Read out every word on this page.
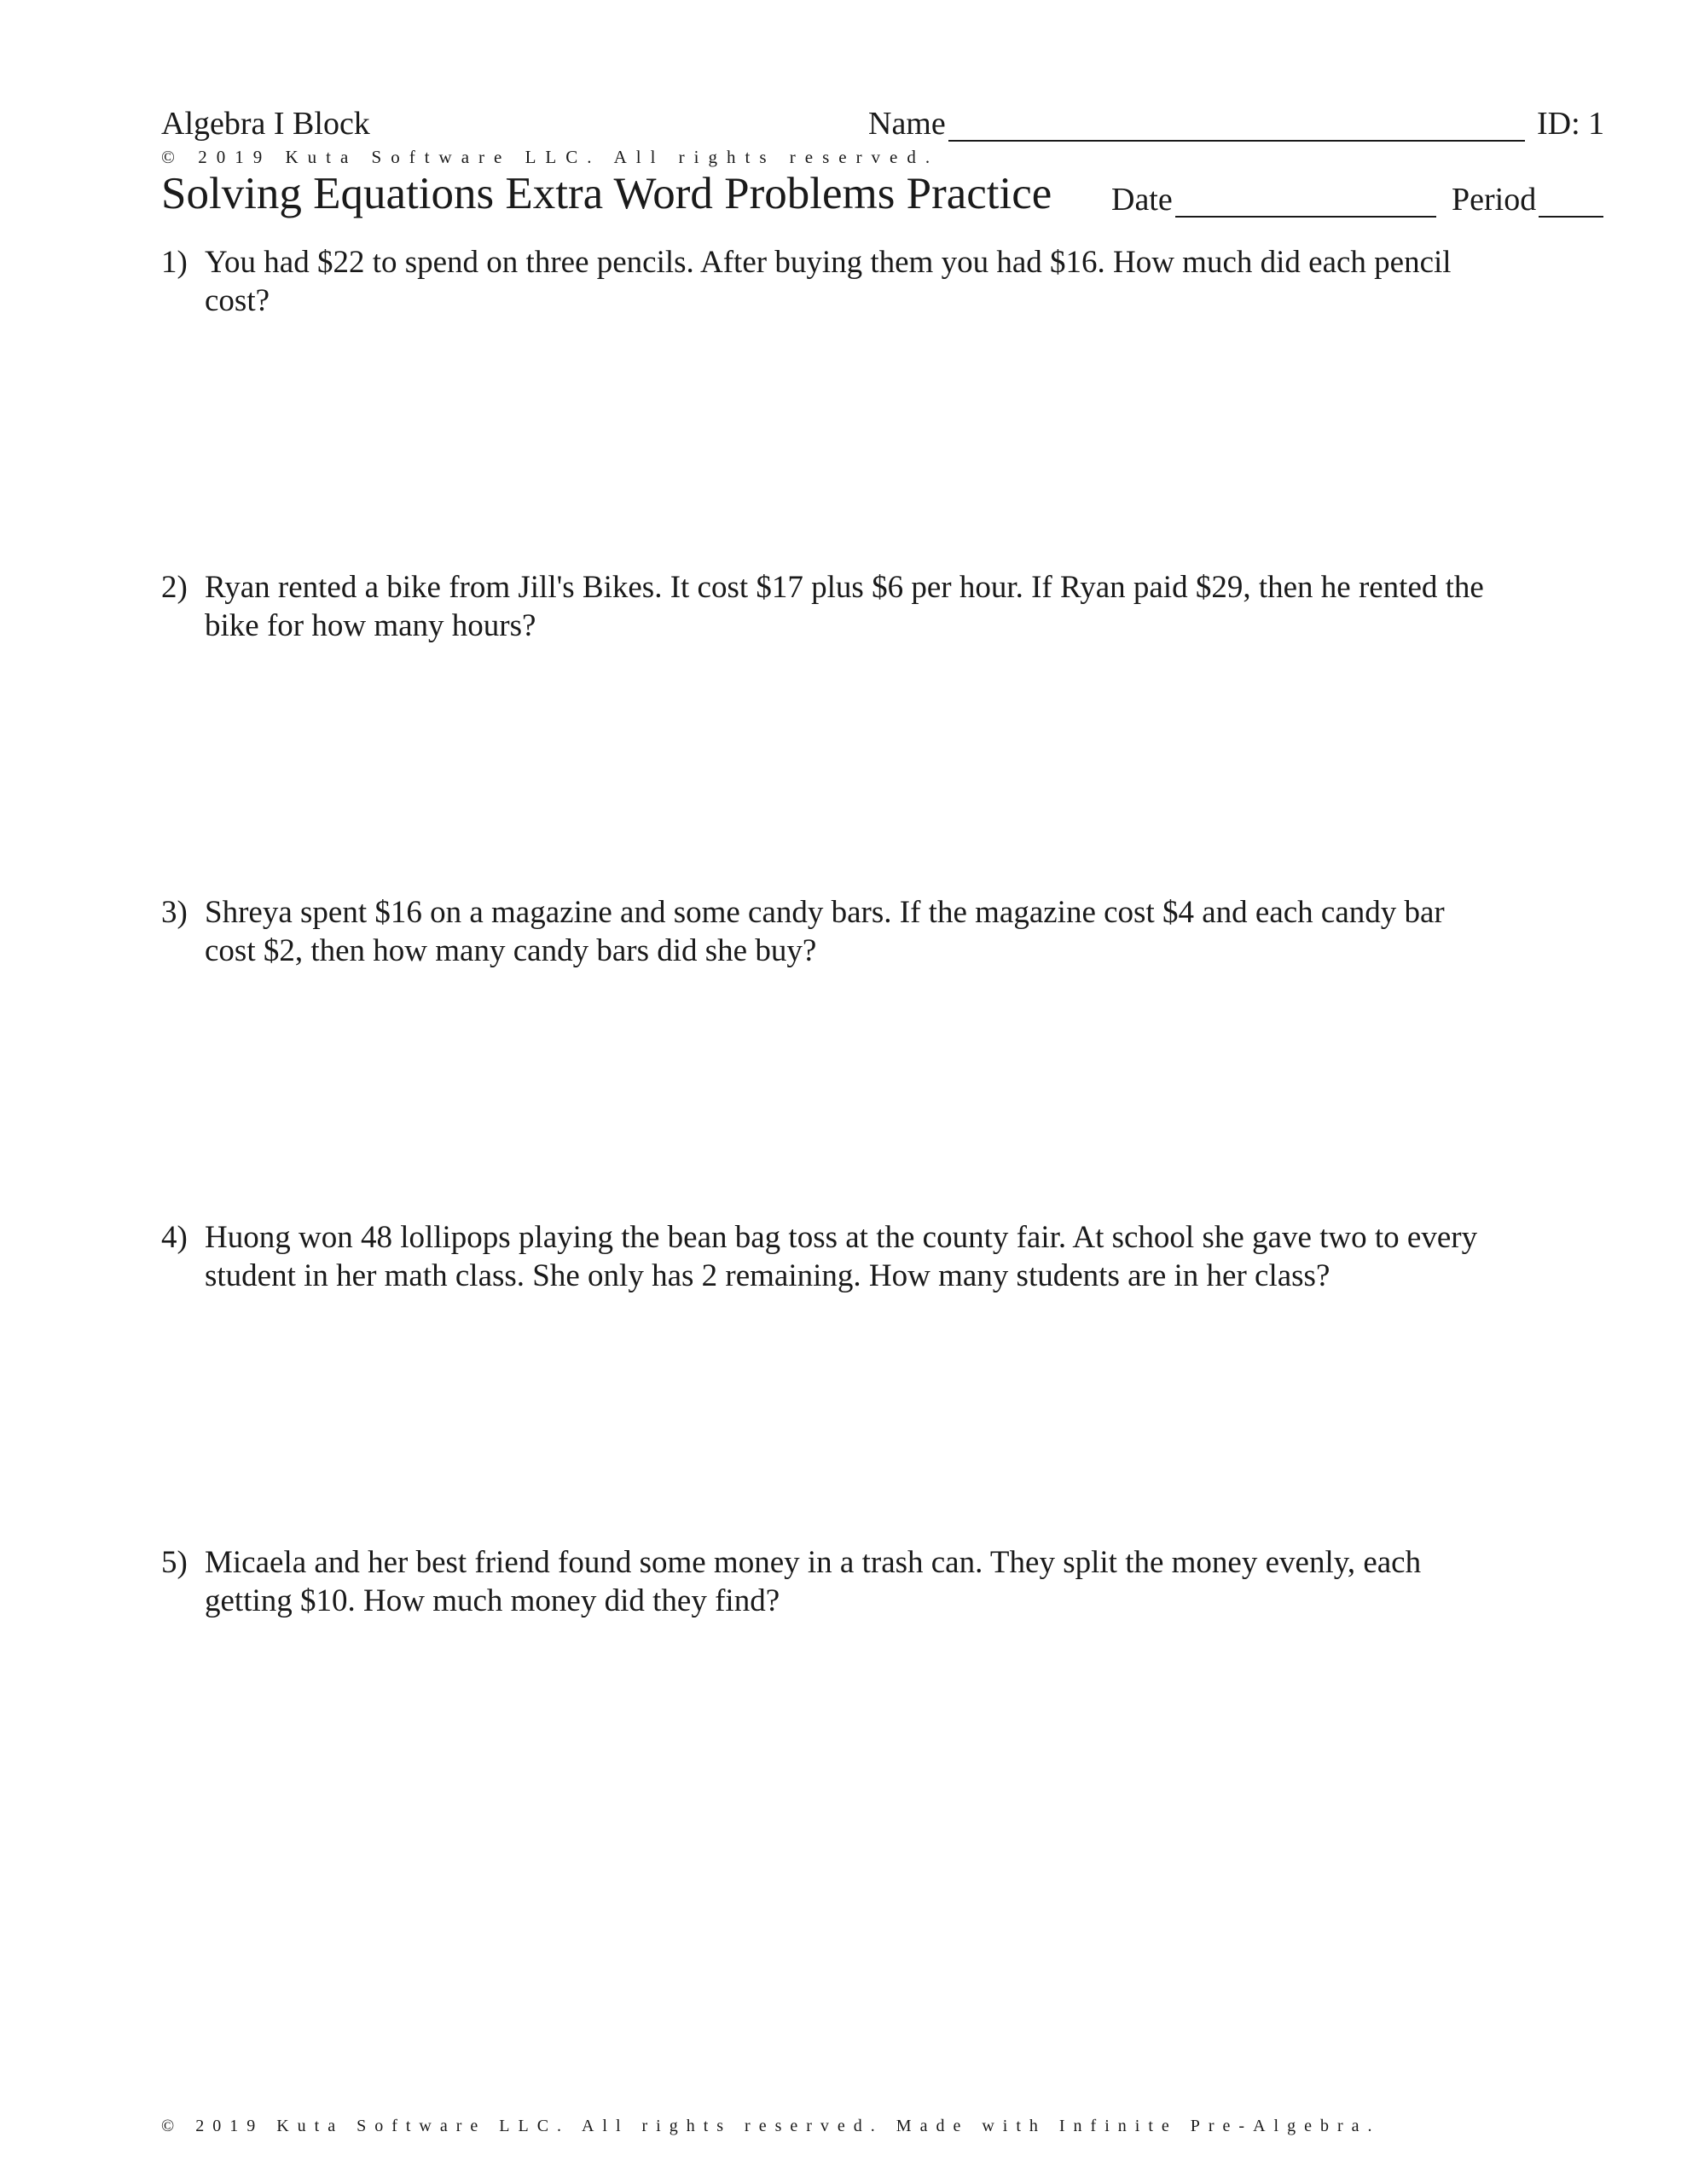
Algebra I Block	Name	ID: 1
© 2019 Kuta Software LLC. All rights reserved.
Solving Equations Extra Word Problems Practice Date	Period
1) You had $22 to spend on three pencils. After buying them you had $16. How much did each pencil cost?
2) Ryan rented a bike from Jill's Bikes. It cost $17 plus $6 per hour. If Ryan paid $29, then he rented the bike for how many hours?
3) Shreya spent $16 on a magazine and some candy bars. If the magazine cost $4 and each candy bar cost $2, then how many candy bars did she buy?
4) Huong won 48 lollipops playing the bean bag toss at the county fair. At school she gave two to every student in her math class. She only has 2 remaining. How many students are in her class?
5) Micaela and her best friend found some money in a trash can. They split the money evenly, each getting $10. How much money did they find?
© 2019 Kuta Software LLC. All rights reserved. Made with Infinite Pre-Algebra.
